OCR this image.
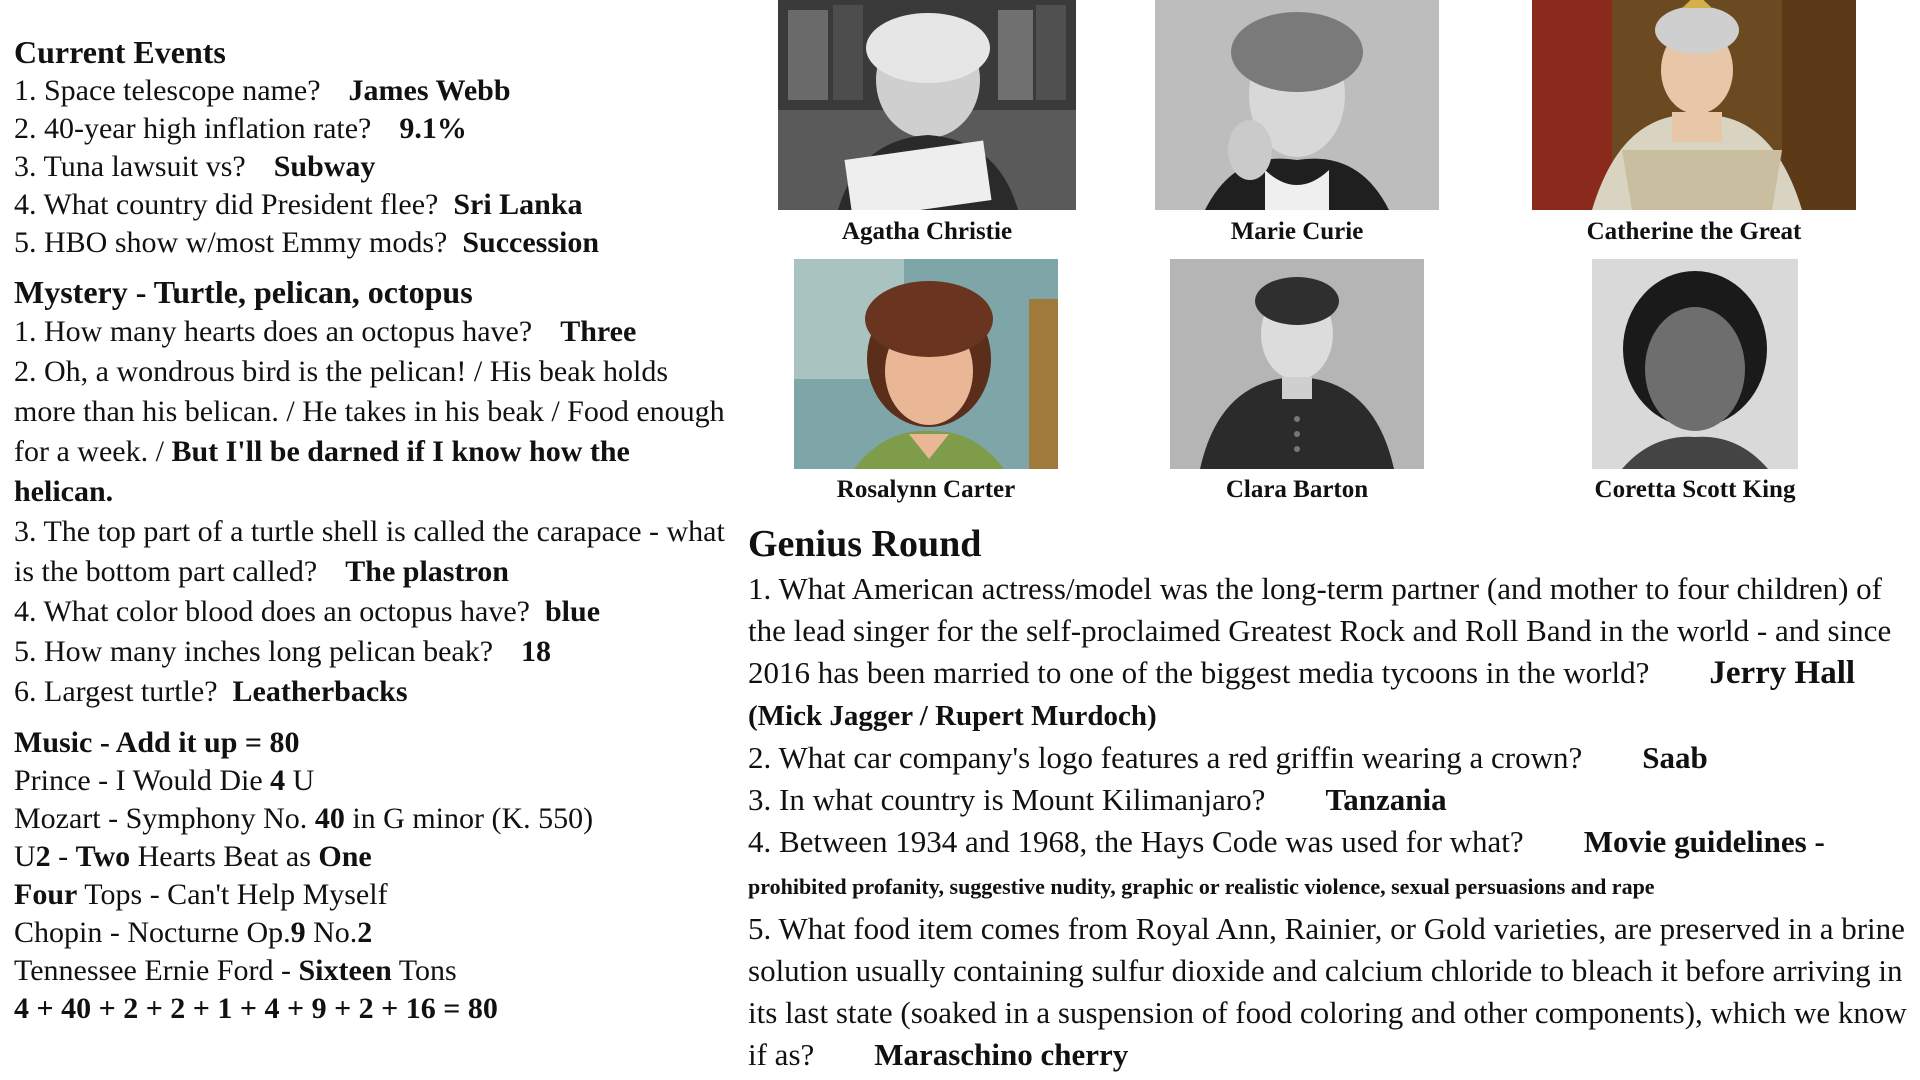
Current Events

1. Space telescope name? James Webb

2. 40-year high inflation rate? 9.1%

3. Tuna lawsuit vs? Subway

4. What country did President flee? Sri Lanka

5. HBO show w/most Emmy mods? Succession

Mystery - Turtle, pelican, octopus

1. How many hearts does an octopus have? Three

2. Oh, a wondrous bird is the pelican! / His beak holds more than his belican. / He takes in his beak / Food enough for a week. / But I'll be darned if I know how the helican.

3. The top part of a turtle shell is called the carapace - what is the bottom part called? The plastron

4. What color blood does an octopus have? blue

5. How many inches long pelican beak? 18

6. Largest turtle? Leatherbacks

Music - Add it up = 80

Prince - I Would Die 4 U

Mozart - Symphony No. 40 in G minor (K. 550)

U2 - Two Hearts Beat as One

Four Tops - Can't Help Myself

Chopin - Nocturne Op.9 No.2

Tennessee Ernie Ford - Sixteen Tons

4 + 40 + 2 + 2 + 1 + 4 + 9 + 2 + 16 = 80

Agatha Christie	Marie Curie	Catherine the Great
Rosalynn Carter	Clara Barton	Coretta Scott King

Genius Round

1. What American actress/model was the long-term partner (and mother to four children) of the lead singer for the self-proclaimed Greatest Rock and Roll Band in the world - and since 2016 has been married to one of the biggest media tycoons in the world? Jerry Hall (Mick Jagger / Rupert Murdoch)

2. What car company's logo features a red griffin wearing a crown? Saab

3. In what country is Mount Kilimanjaro? Tanzania

4. Between 1934 and 1968, the Hays Code was used for what? Movie guidelines - prohibited profanity, suggestive nudity, graphic or realistic violence, sexual persuasions and rape

5. What food item comes from Royal Ann, Rainier, or Gold varieties, are preserved in a brine solution usually containing sulfur dioxide and calcium chloride to bleach it before arriving in its last state (soaked in a suspension of food coloring and other components), which we know if as? Maraschino cherry
